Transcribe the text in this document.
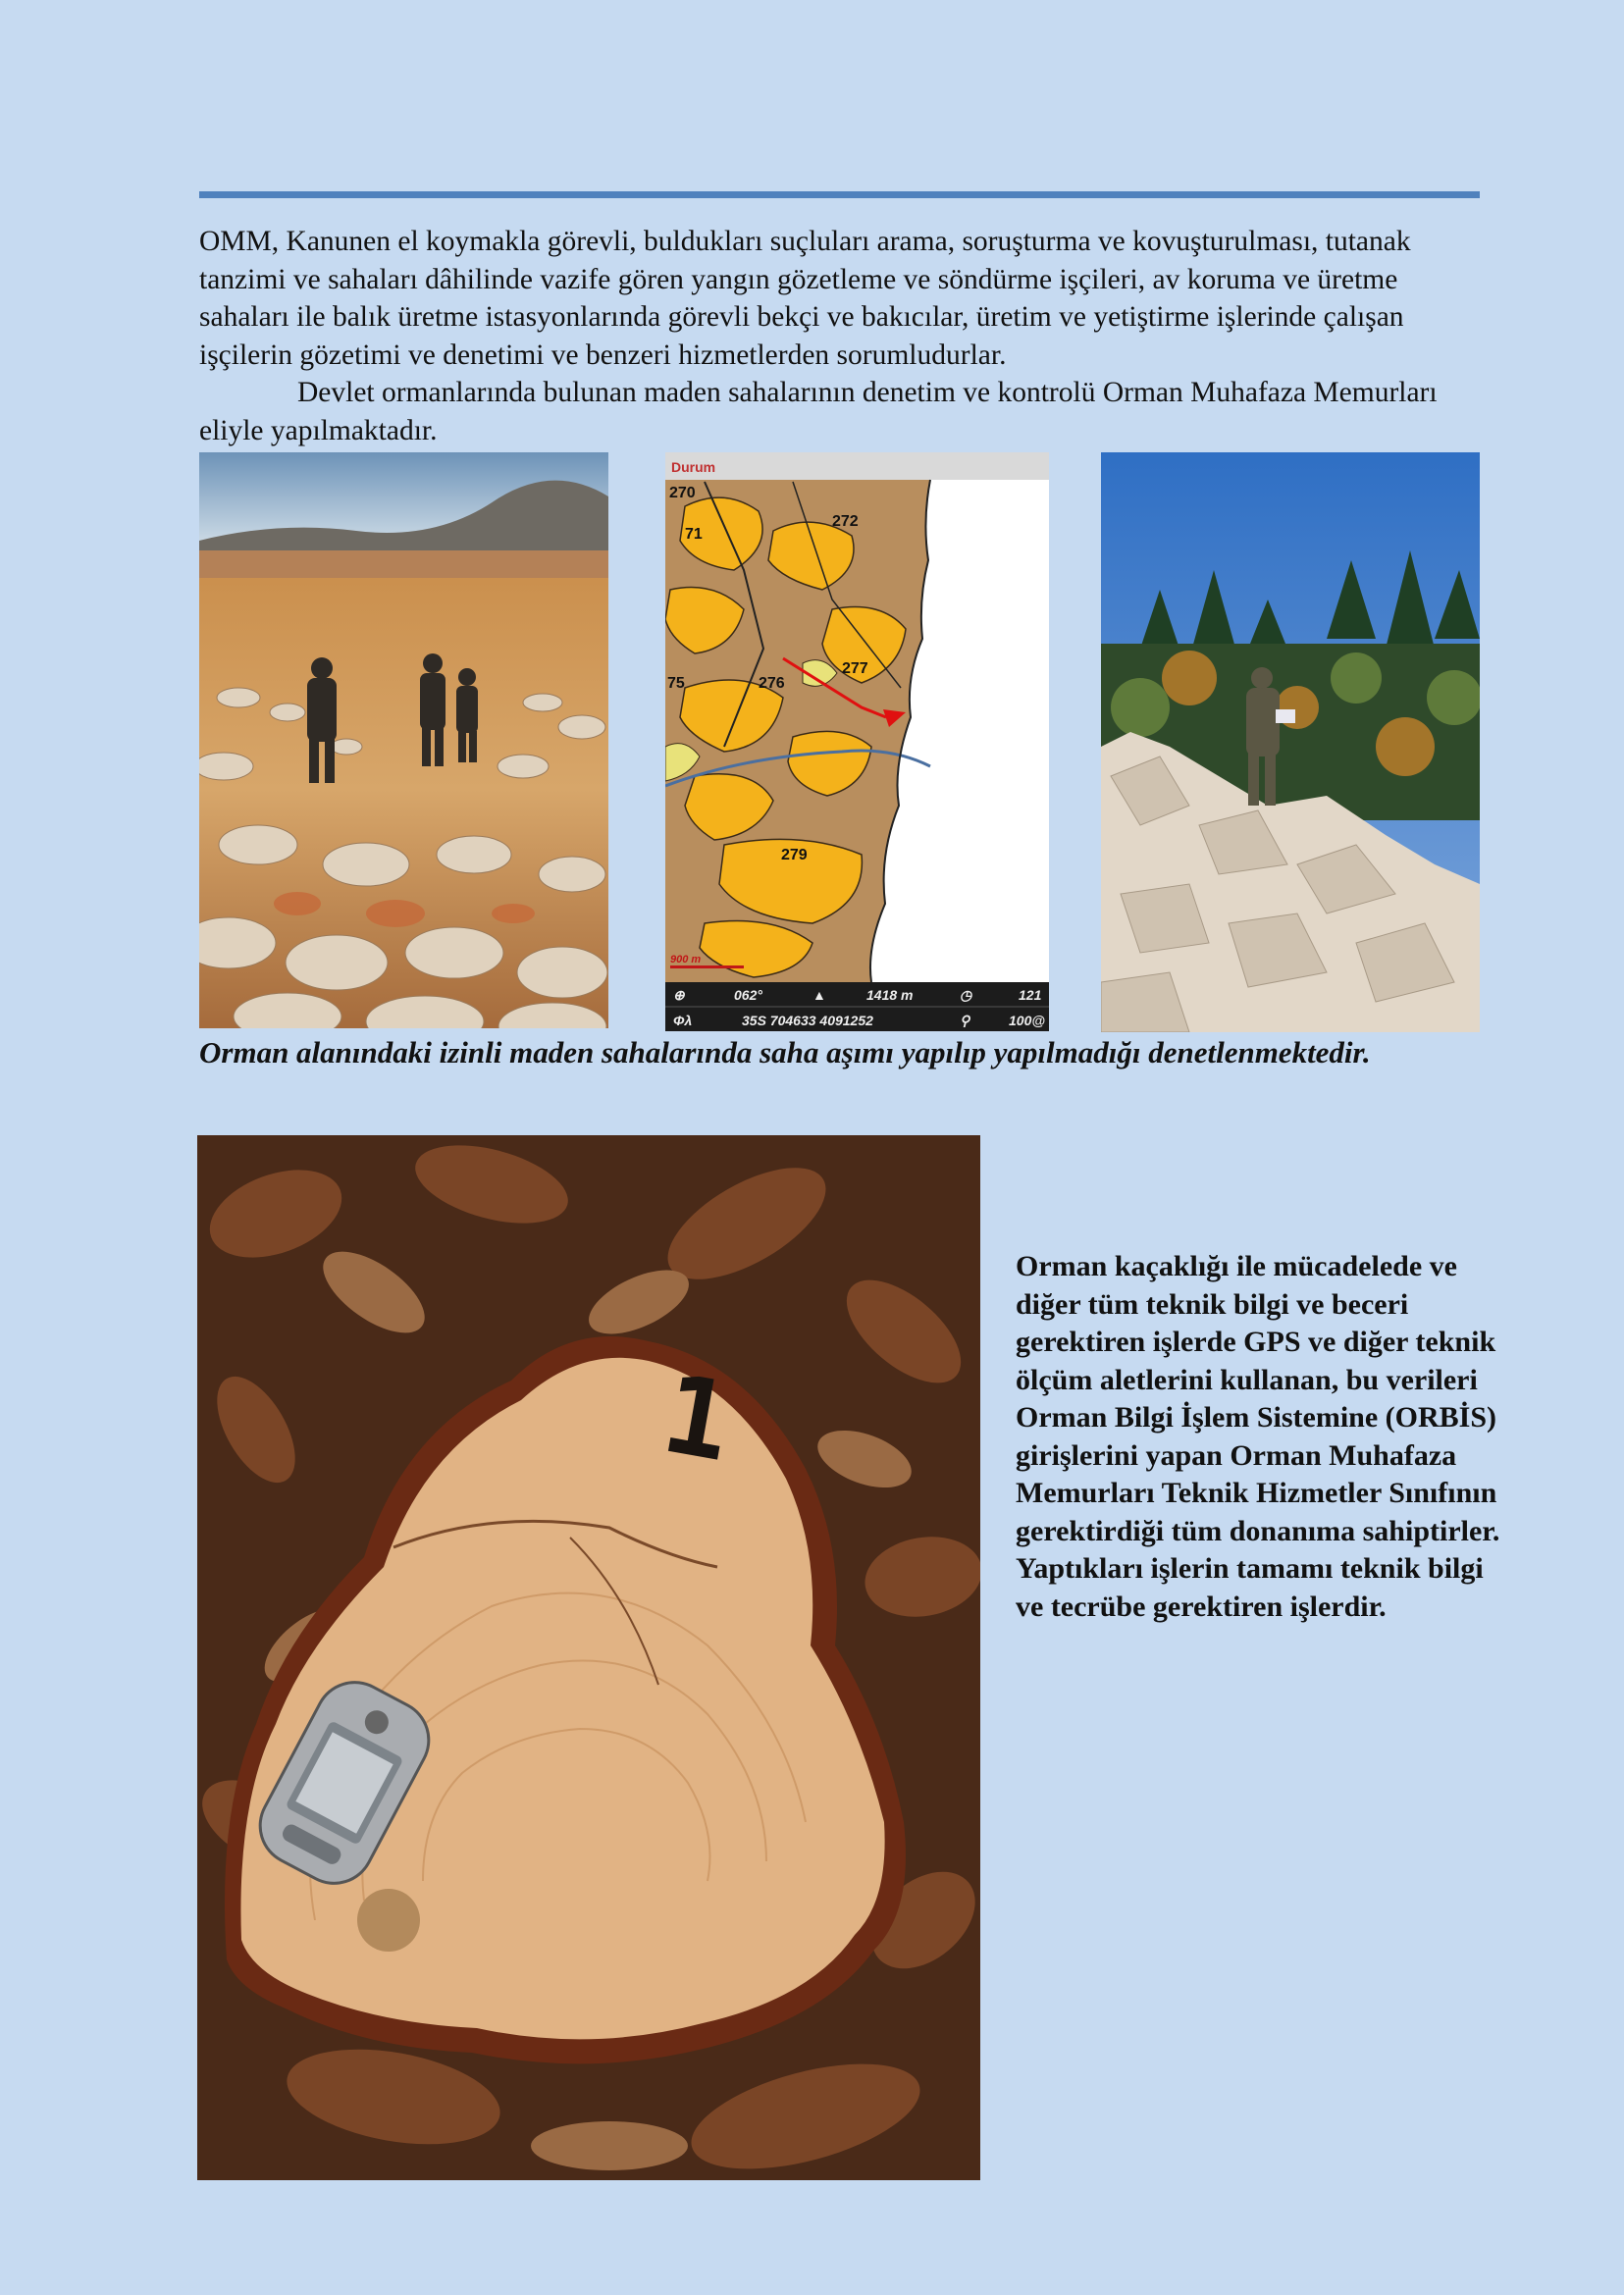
OMM, Kanunen el koymakla görevli, buldukları suçluları arama, soruşturma ve kovuşturulması, tutanak tanzimi ve sahaları dâhilinde vazife gören yangın gözetleme ve söndürme işçileri, av koruma ve üretme sahaları ile balık üretme istasyonlarında görevli bekçi ve bakıcılar, üretim ve yetiştirme işlerinde çalışan işçilerin gözetimi ve denetimi ve benzeri hizmetlerden sorumludurlar.

Devlet ormanlarında bulunan maden sahalarının denetim ve kontrolü Orman Muhafaza Memurları eliyle yapılmaktadır.

Durum
270
71
272
276
277
75
279
900 m
⊕	062°	▲	1418 m	◷	121
Φλ	35S 704633 4091252	⚲	100@

Orman alanındaki izinli maden sahalarında saha aşımı yapılıp yapılmadığı denetlenmektedir.

1

Orman kaçaklığı ile mücadelede ve diğer tüm teknik bilgi ve beceri gerektiren işlerde GPS ve diğer teknik ölçüm aletlerini kullanan, bu verileri Orman Bilgi İşlem Sistemine (ORBİS) girişlerini yapan Orman Muhafaza Memurları Teknik Hizmetler Sınıfının gerektirdiği tüm donanıma sahiptirler. Yaptıkları işlerin tamamı teknik bilgi ve tecrübe gerektiren işlerdir.
